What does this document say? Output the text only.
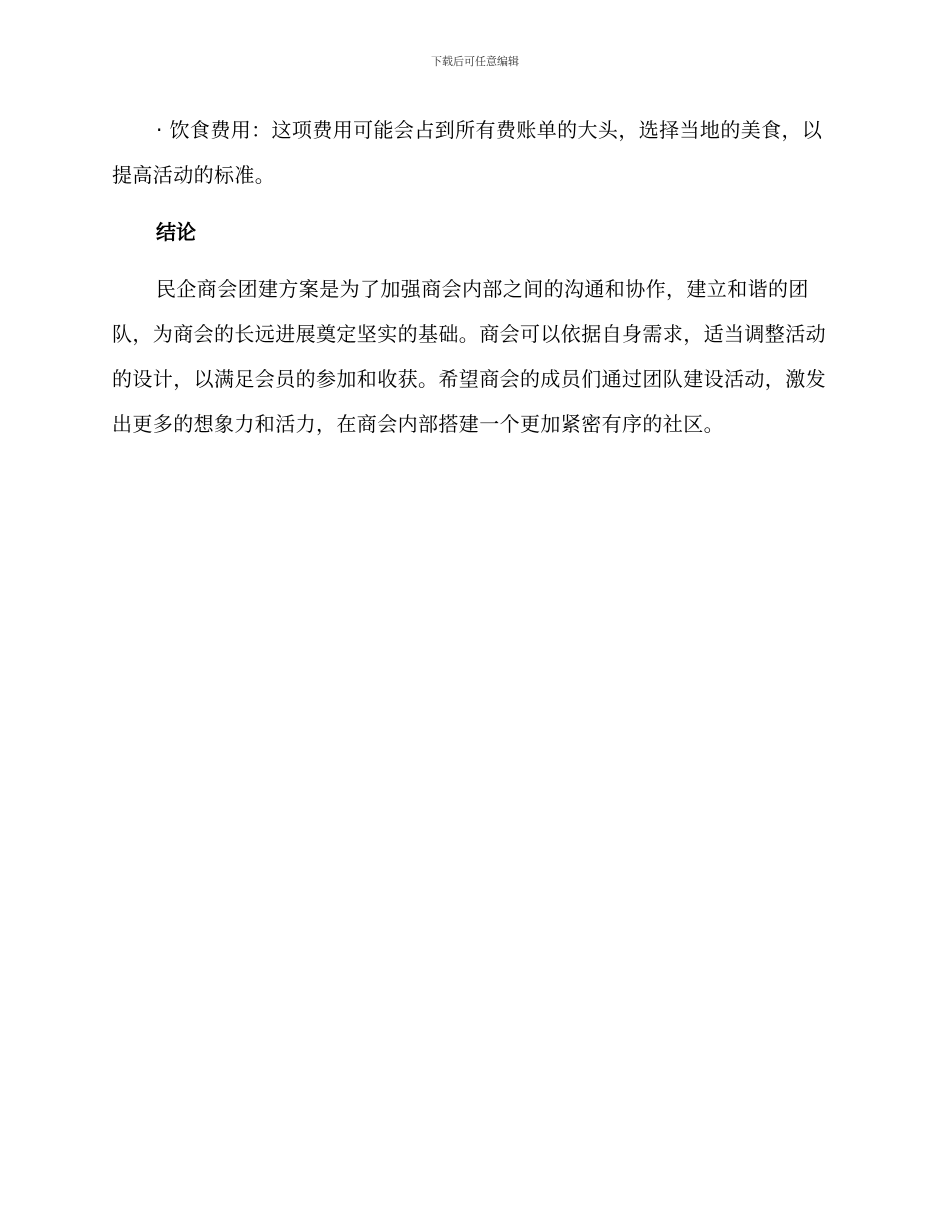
下载后可任意编辑

· 饮食费用：这项费用可能会占到所有费账单的大头，选择当地的美食，以提高活动的标准。

结论

民企商会团建方案是为了加强商会内部之间的沟通和协作，建立和谐的团队，为商会的长远进展奠定坚实的基础。商会可以依据自身需求，适当调整活动的设计，以满足会员的参加和收获。希望商会的成员们通过团队建设活动，激发出更多的想象力和活力，在商会内部搭建一个更加紧密有序的社区。
